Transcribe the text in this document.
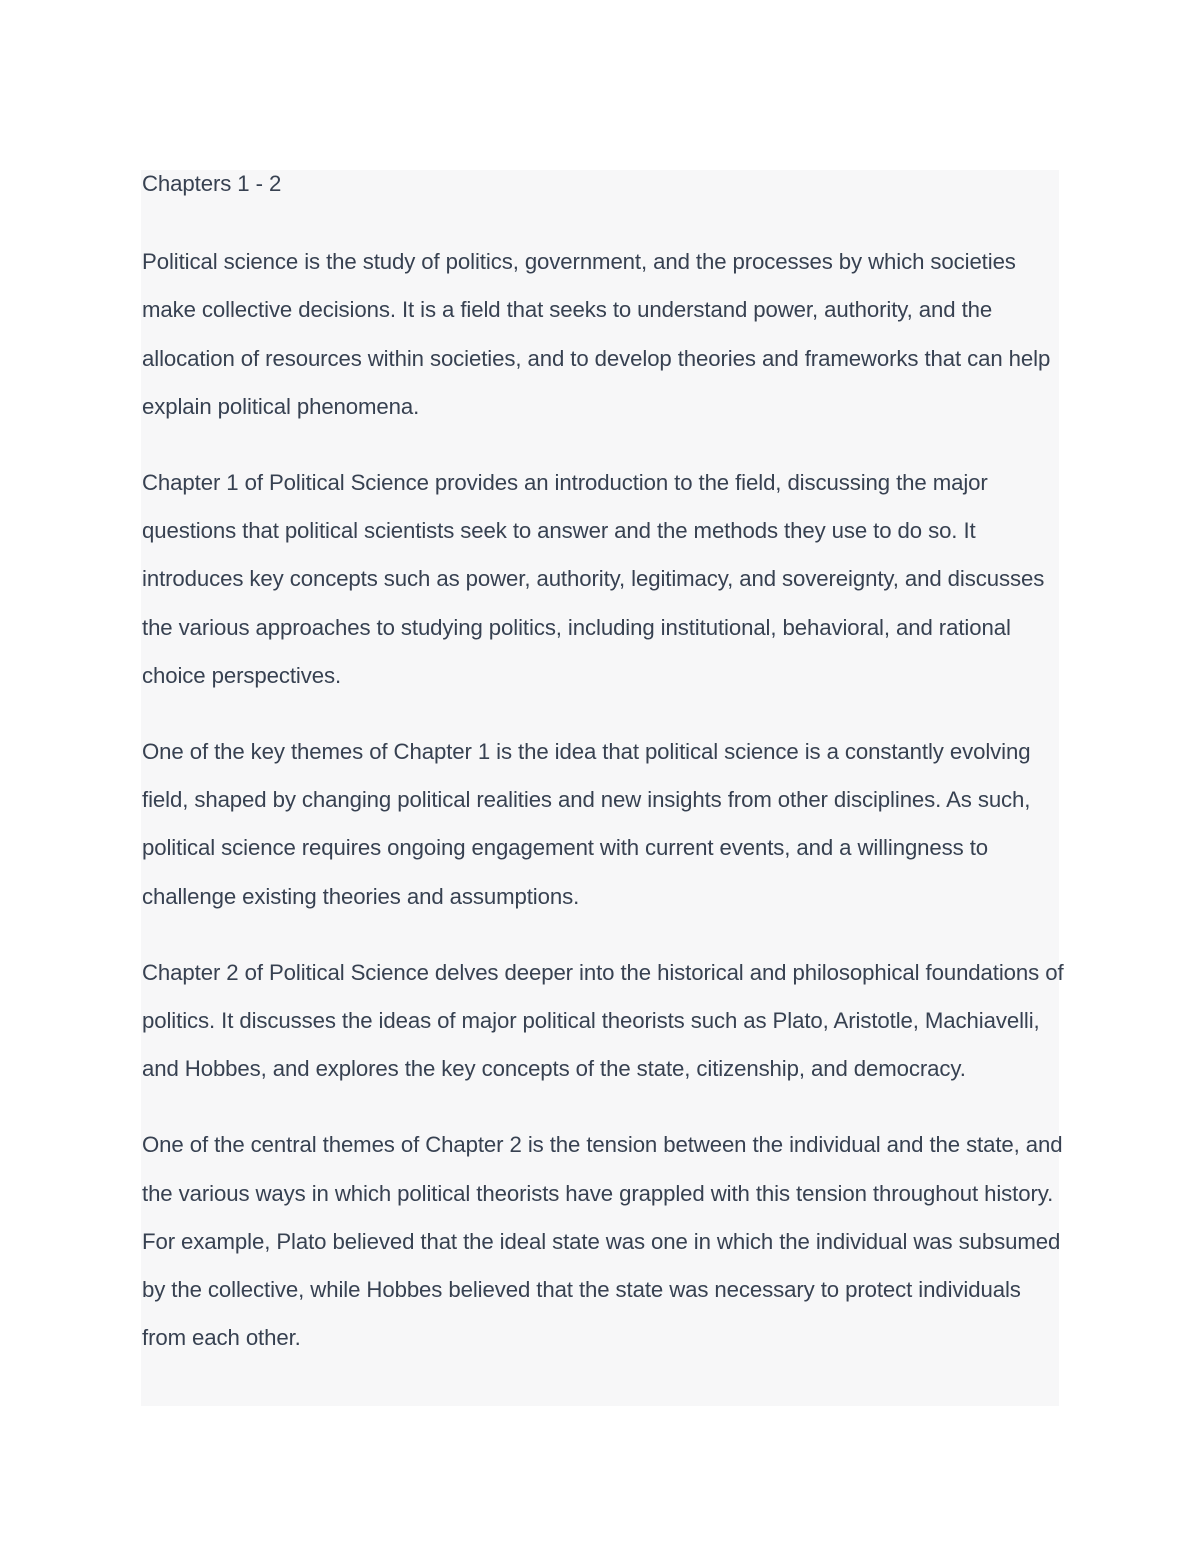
Chapters 1 - 2

Political science is the study of politics, government, and the processes by which societies make collective decisions. It is a field that seeks to understand power, authority, and the allocation of resources within societies, and to develop theories and frameworks that can help explain political phenomena.

Chapter 1 of Political Science provides an introduction to the field, discussing the major questions that political scientists seek to answer and the methods they use to do so. It introduces key concepts such as power, authority, legitimacy, and sovereignty, and discusses the various approaches to studying politics, including institutional, behavioral, and rational choice perspectives.

One of the key themes of Chapter 1 is the idea that political science is a constantly evolving field, shaped by changing political realities and new insights from other disciplines. As such, political science requires ongoing engagement with current events, and a willingness to challenge existing theories and assumptions.

Chapter 2 of Political Science delves deeper into the historical and philosophical foundations of politics. It discusses the ideas of major political theorists such as Plato, Aristotle, Machiavelli, and Hobbes, and explores the key concepts of the state, citizenship, and democracy.

One of the central themes of Chapter 2 is the tension between the individual and the state, and the various ways in which political theorists have grappled with this tension throughout history. For example, Plato believed that the ideal state was one in which the individual was subsumed by the collective, while Hobbes believed that the state was necessary to protect individuals from each other.
